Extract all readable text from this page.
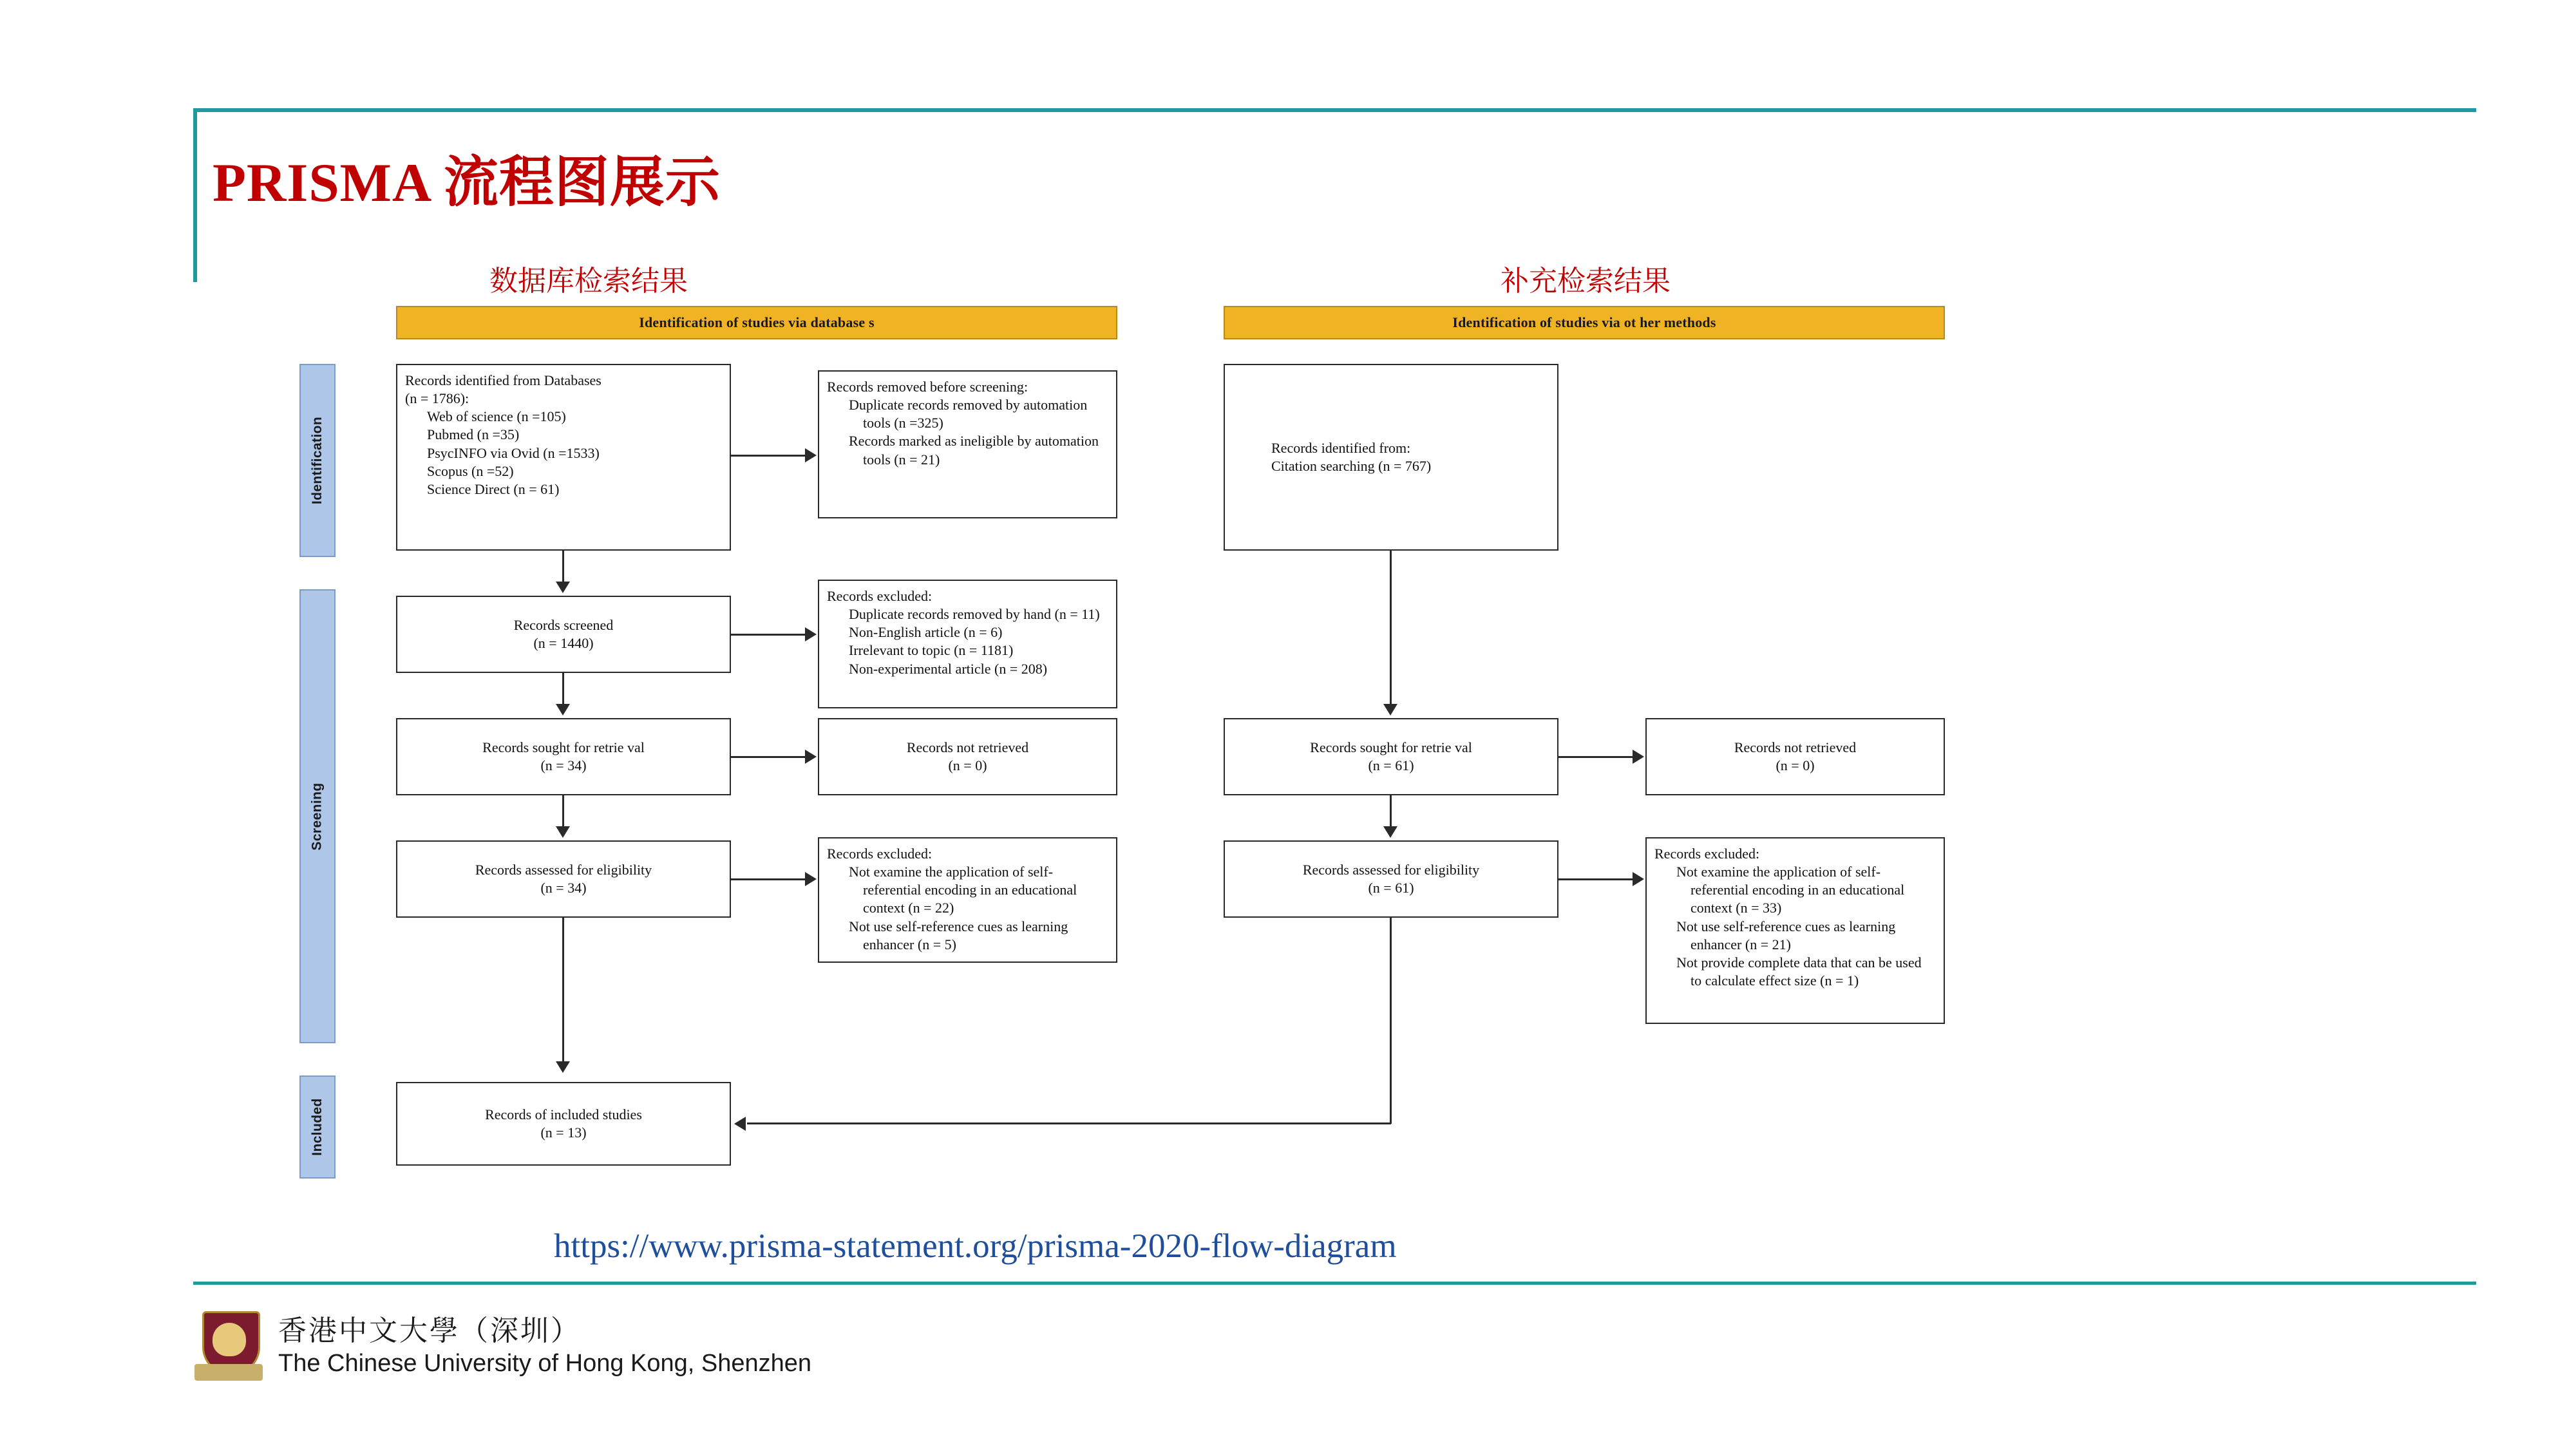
PRISMA 流程图展示
数据库检索结果	补充检索结果
Identification of studies via database s	Identification of studies via ot her methods
Identification
Screening
Included
Records identified from Databases
(n = 1786):
Web of science (n =105)
Pubmed (n =35)
PsycINFO via Ovid (n =1533)
Scopus (n =52)
Science Direct (n = 61)
Records removed before screening:
Duplicate records removed by automation tools (n =325)
Records marked as ineligible by automation tools (n = 21)
Records screened
(n = 1440)
Records excluded:
Duplicate records removed by hand (n = 11)
Non-English article (n = 6)
Irrelevant to topic (n = 1181)
Non-experimental article (n = 208)
Records sought for retrie val
(n = 34)
Records not retrieved
(n = 0)
Records assessed for eligibility
(n = 34)
Records excluded:
Not examine the application of self-referential encoding in an educational context (n = 22)
Not use self-reference cues as learning enhancer (n = 5)
Records of included studies
(n = 13)
Records identified from:
Citation searching (n = 767)
Records sought for retrie val
(n = 61)
Records not retrieved
(n = 0)
Records assessed for eligibility
(n = 61)
Records excluded:
Not examine the application of self-referential encoding in an educational context (n = 33)
Not use self-reference cues as learning enhancer (n = 21)
Not provide complete data that can be used to calculate effect size (n = 1)
https://www.prisma-statement.org/prisma-2020-flow-diagram
香港中文大學（深圳）
The Chinese University of Hong Kong, Shenzhen
